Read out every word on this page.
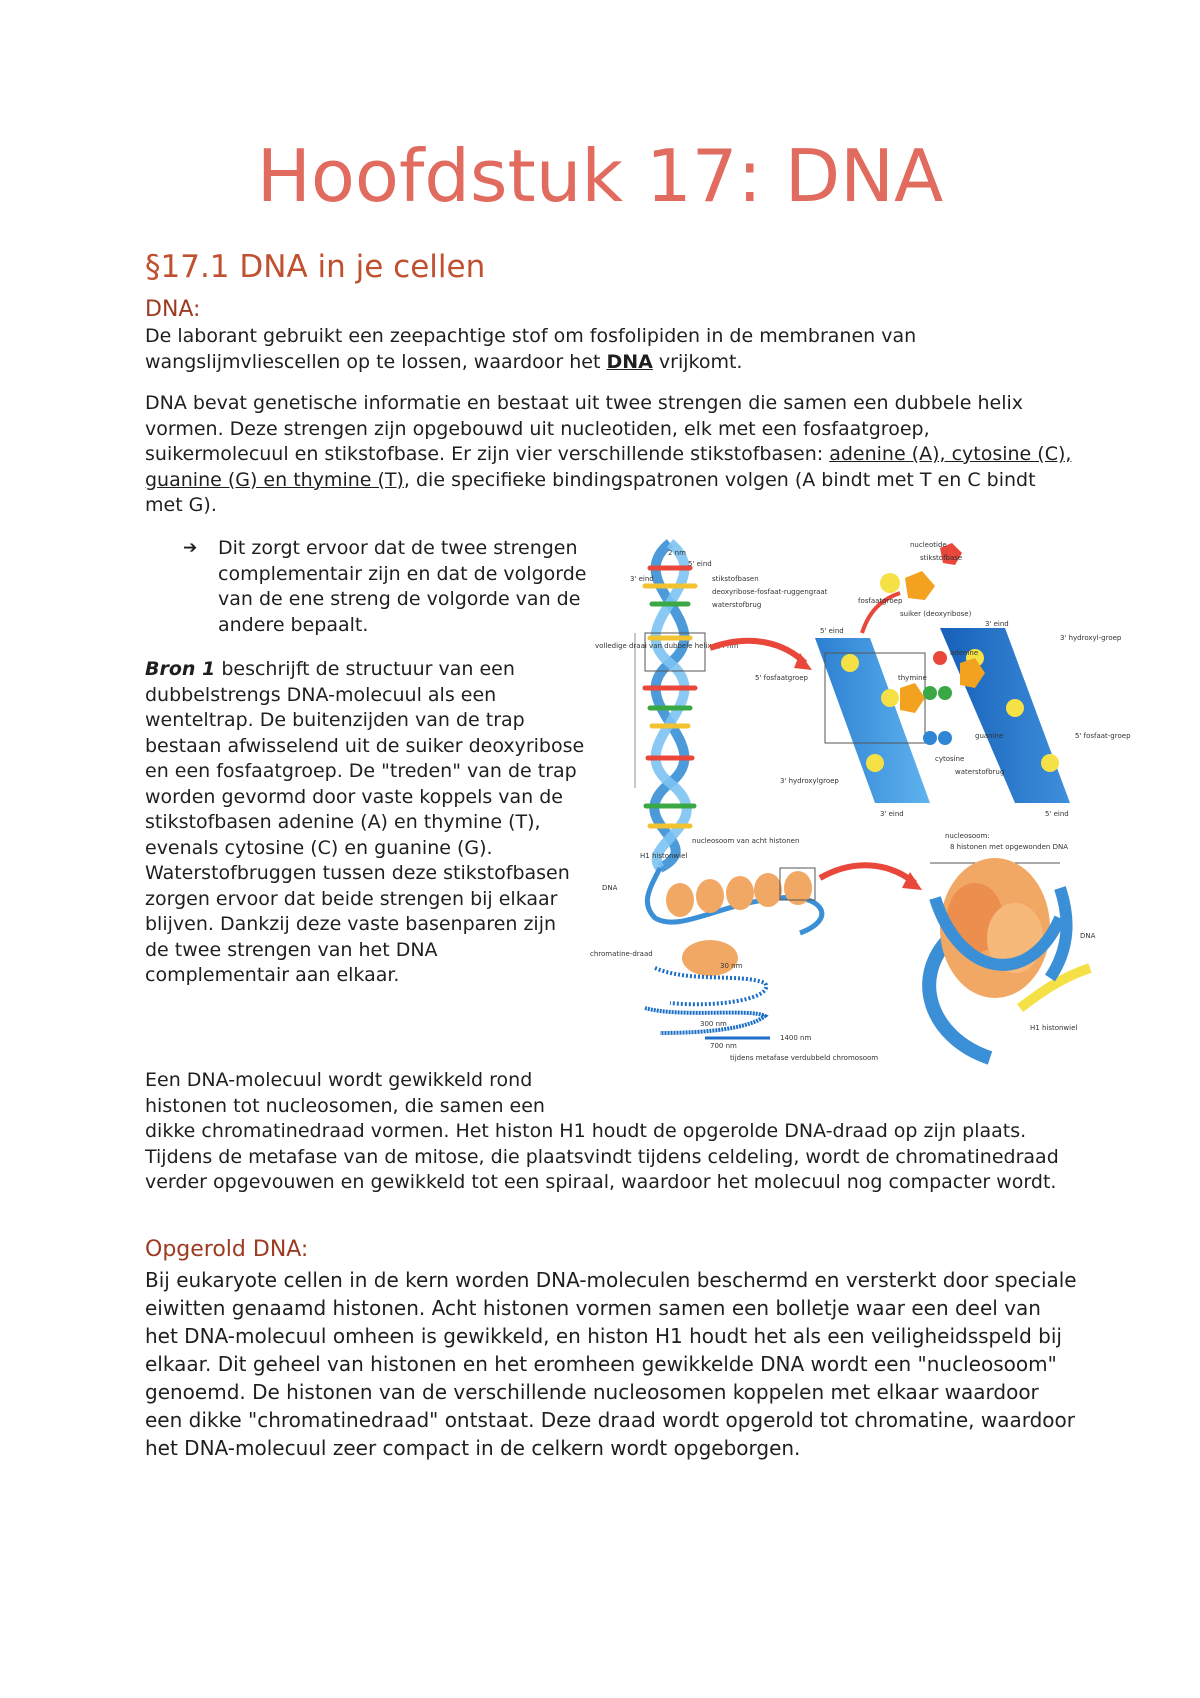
Hoofdstuk 17: DNA
§17.1 DNA in je cellen
DNA:

De laborant gebruikt een zeepachtige stof om fosfolipiden in de membranen van wangslijmvliescellen op te lossen, waardoor het DNA vrijkomt.

DNA bevat genetische informatie en bestaat uit twee strengen die samen een dubbele helix vormen. Deze strengen zijn opgebouwd uit nucleotiden, elk met een fosfaatgroep, suikermolecuul en stikstofbase. Er zijn vier verschillende stikstofbasen: adenine (A), cytosine (C), guanine (G) en thymine (T), die specifieke bindingspatronen volgen (A bindt met T en C bindt met G).

➔ Dit zorgt ervoor dat de twee strengen complementair zijn en dat de volgorde van de ene streng de volgorde van de andere bepaalt.

Bron 1 beschrijft de structuur van een dubbelstrengs DNA-molecuul als een wenteltrap. De buitenzijden van de trap bestaan afwisselend uit de suiker deoxyribose en een fosfaatgroep. De "treden" van de trap worden gevormd door vaste koppels van de stikstofbasen adenine (A) en thymine (T), evenals cytosine (C) en guanine (G). Waterstofbruggen tussen deze stikstofbasen zorgen ervoor dat beide strengen bij elkaar blijven. Dankzij deze vaste basenparen zijn de twee strengen van het DNA complementair aan elkaar.

Een DNA-molecuul wordt gewikkeld rond
histonen tot nucleosomen, die samen een
dikke chromatinedraad vormen. Het histon H1 houdt de opgerolde DNA-draad op zijn plaats. Tijdens de metafase van de mitose, die plaatsvindt tijdens celdeling, wordt de chromatinedraad verder opgevouwen en gewikkeld tot een spiraal, waardoor het molecuul nog compacter wordt.
Opgerold DNA:

Bij eukaryote cellen in de kern worden DNA-moleculen beschermd en versterkt door speciale eiwitten genaamd histonen. Acht histonen vormen samen een bolletje waar een deel van het DNA-molecuul omheen is gewikkeld, en histon H1 houdt het als een veiligheidsspeld bij elkaar. Dit geheel van histonen en het eromheen gewikkelde DNA wordt een "nucleosoom" genoemd. De histonen van de verschillende nucleosomen koppelen met elkaar waardoor een dikke "chromatinedraad" ontstaat. Deze draad wordt opgerold tot chromatine, waardoor het DNA-molecuul zeer compact in de celkern wordt opgeborgen.

2 nm
5' eind
3' eind	stikstofbasen
deoxyribose-fosfaat-ruggengraat
waterstofbrug
volledige draai van dubbele helix 3,4 nm
nucleotide
stikstofbase
fosfaatgroep
suiker (deoxyribose)
5' eind
3' eind
3' hydroxyl-groep
5' fosfaatgroep
adenine
thymine
guanine
cytosine
waterstofbrug
5' fosfaat-groep
3' hydroxylgroep
3' eind	5' eind
nucleosoom van acht histonen
H1 histonwiel
DNA
chromatine-draad
30 nm
300 nm
700 nm
1400 nm
tijdens metafase verdubbeld chromosoom
nucleosoom:
8 histonen met opgewonden DNA
DNA
H1 histonwiel
